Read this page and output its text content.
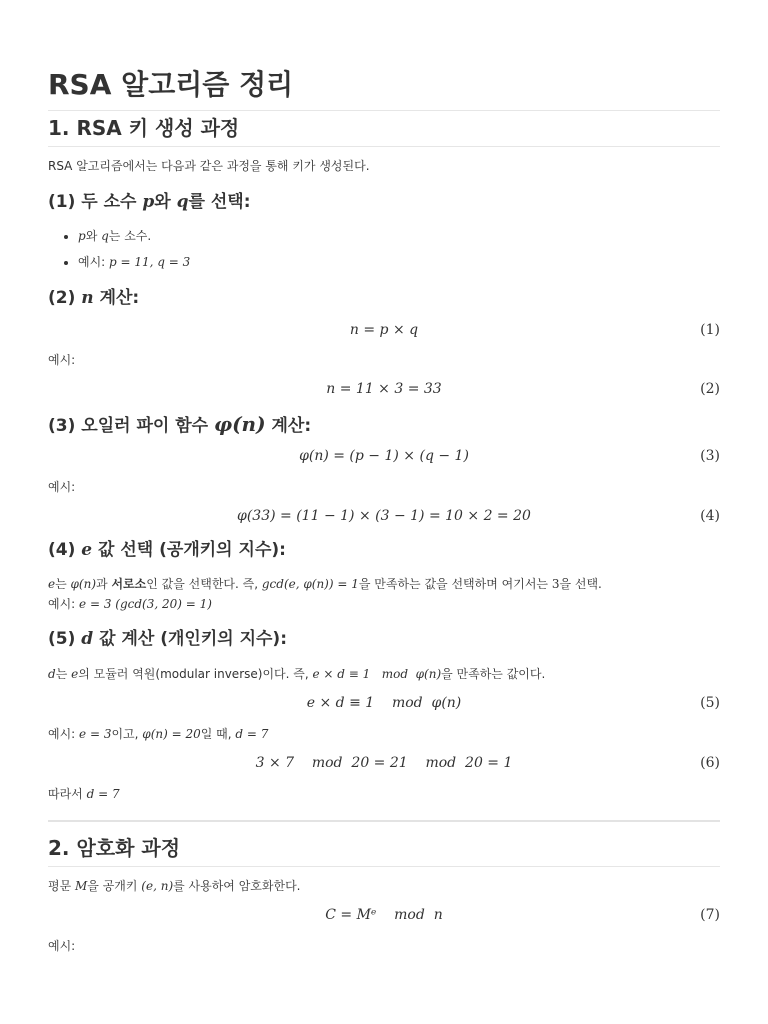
RSA 알고리즘 정리
1. RSA 키 생성 과정

RSA 알고리즘에서는 다음과 같은 과정을 통해 키가 생성된다.

(1) 두 소수 p와 q를 선택:
• p와 q는 소수.
• 예시: p = 11, q = 3
(2) n 계산:
n = p × q	(1)

예시:

n = 11 × 3 = 33	(2)
(3) 오일러 파이 함수 φ(n) 계산:
φ(n) = (p − 1) × (q − 1)	(3)

예시:

φ(33) = (11 − 1) × (3 − 1) = 10 × 2 = 20	(4)
(4) e 값 선택 (공개키의 지수):

e는 φ(n)과 서로소인 값을 선택한다. 즉, gcd(e, φ(n)) = 1을 만족하는 값을 선택하며 여기서는 3을 선택.

예시: e = 3 (gcd(3, 20) = 1)

(5) d 값 계산 (개인키의 지수):

d는 e의 모듈러 역원(modular inverse)이다. 즉, e × d ≡ 1   mod  φ(n)을 만족하는 값이다.

e × d ≡ 1    mod  φ(n)	(5)

예시: e = 3이고, φ(n) = 20일 때, d = 7

3 × 7    mod  20 = 21    mod  20 = 1	(6)

따라서 d = 7

2. 암호화 과정

평문 M을 공개키 (e, n)를 사용하여 암호화한다.

C = Mᵉ    mod  n	(7)

예시:
